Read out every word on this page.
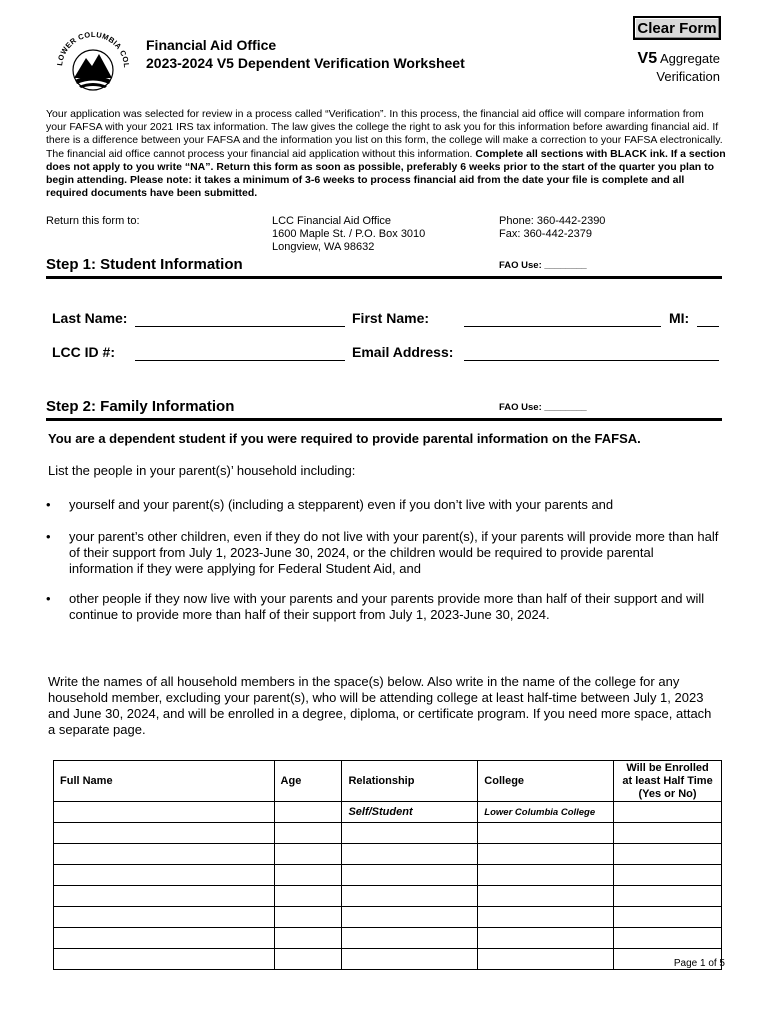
Clear Form
LOWER COLUMBIA COL
Financial Aid Office
2023-2024 V5 Dependent Verification Worksheet	V5 Aggregate
Verification
Your application was selected for review in a process called “Verification”. In this process, the financial aid office will compare information from your FAFSA with your 2021 IRS tax information. The law gives the college the right to ask you for this information before awarding financial aid. If there is a difference between your FAFSA and the information you list on this form, the college will make a correction to your FAFSA electronically. The financial aid office cannot process your financial aid application without this information. Complete all sections with BLACK ink. If a section does not apply to you write “NA”. Return this form as soon as possible, preferably 6 weeks prior to the start of the quarter you plan to begin attending. Please note: it takes a minimum of 3-6 weeks to process financial aid from the date your file is complete and all required documents have been submitted.
Return this form to:	LCC Financial Aid Office
1600 Maple St. / P.O. Box 3010
Longview, WA 98632
Phone: 360-442-2390
Fax: 360-442-2379
Step 1: Student Information	FAO Use: ________
Last Name:	First Name:	MI:
LCC ID #:	Email Address:
Step 2: Family Information	FAO Use: ________
You are a dependent student if you were required to provide parental information on the FAFSA.
List the people in your parent(s)’ household including:
• yourself and your parent(s) (including a stepparent) even if you don’t live with your parents and
• your parent’s other children, even if they do not live with your parent(s), if your parents will provide more than half of their support from July 1, 2023-June 30, 2024, or the children would be required to provide parental information if they were applying for Federal Student Aid, and
• other people if they now live with your parents and your parents provide more than half of their support and will continue to provide more than half of their support from July 1, 2023-June 30, 2024.
Write the names of all household members in the space(s) below. Also write in the name of the college for any household member, excluding your parent(s), who will be attending college at least half-time between July 1, 2023 and June 30, 2024, and will be enrolled in a degree, diploma, or certificate program. If you need more space, attach a separate page.
Full Name	Age	Relationship	College	Will be Enrolled at least Half Time (Yes or No)
		Self/Student	Lower Columbia College	

Page 1 of 5
